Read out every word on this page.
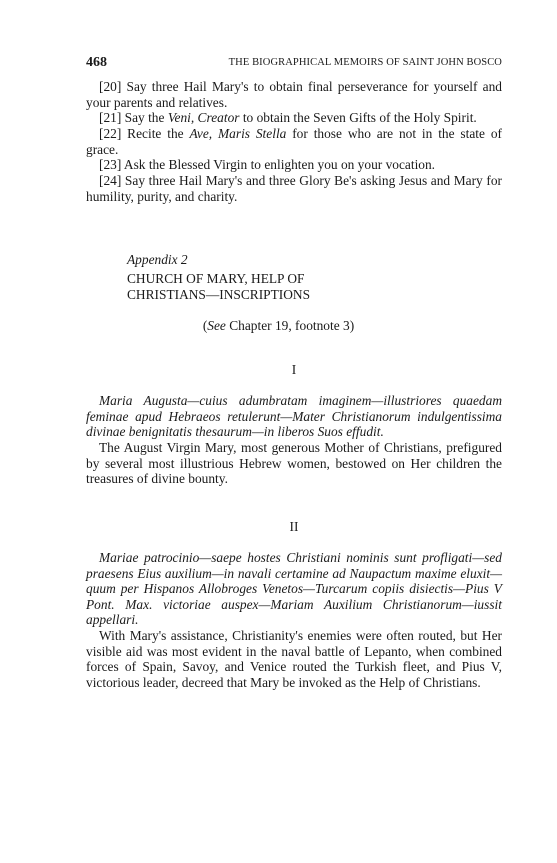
468	THE BIOGRAPHICAL MEMOIRS OF SAINT JOHN BOSCO

[20] Say three Hail Mary's to obtain final perseverance for yourself and your parents and relatives.

[21] Say the Veni, Creator to obtain the Seven Gifts of the Holy Spirit.

[22] Recite the Ave, Maris Stella for those who are not in the state of grace.

[23] Ask the Blessed Virgin to enlighten you on your vocation.

[24] Say three Hail Mary's and three Glory Be's asking Jesus and Mary for humility, purity, and charity.

Appendix 2
CHURCH OF MARY, HELP OF
CHRISTIANS—INSCRIPTIONS
(See Chapter 19, footnote 3)
I

Maria Augusta—cuius adumbratam imaginem—illustriores quaedam feminae apud Hebraeos retulerunt—Mater Christianorum indulgentissima divinae benignitatis thesaurum—in liberos Suos effudit.

The August Virgin Mary, most generous Mother of Christians, prefigured by several most illustrious Hebrew women, bestowed on Her children the treasures of divine bounty.

II

Mariae patrocinio—saepe hostes Christiani nominis sunt profligati—sed praesens Eius auxilium—in navali certamine ad Naupactum maxime eluxit—quum per Hispanos Allobroges Venetos—Turcarum copiis disiectis—Pius V Pont. Max. victoriae auspex—Mariam Auxilium Christianorum—iussit appellari.

With Mary's assistance, Christianity's enemies were often routed, but Her visible aid was most evident in the naval battle of Lepanto, when combined forces of Spain, Savoy, and Venice routed the Turkish fleet, and Pius V, victorious leader, decreed that Mary be invoked as the Help of Christians.
